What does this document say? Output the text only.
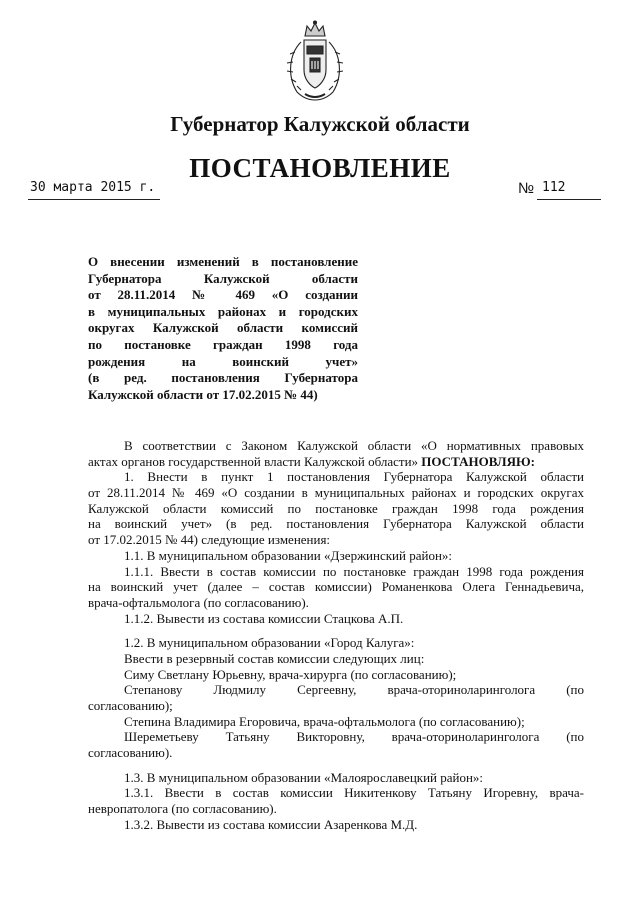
Губернатор Калужской области
ПОСТАНОВЛЕНИЕ
30 марта 2015 г.	№ 112
О внесении изменений в постановление
Губернатора Калужской области
от 28.11.2014 № 469 «О создании
в муниципальных районах и городских
округах Калужской области комиссий
по постановке граждан 1998 года
рождения на воинский учет»
(в ред. постановления Губернатора
Калужской области от 17.02.2015 № 44)
В соответствии с Законом Калужской области «О нормативных правовых
актах органов государственной власти Калужской области» ПОСТАНОВЛЯЮ:
1. Внести в пункт 1 постановления Губернатора Калужской области
от 28.11.2014 № 469 «О создании в муниципальных районах и городских округах
Калужской области комиссий по постановке граждан 1998 года рождения
на воинский учет» (в ред. постановления Губернатора Калужской области
от 17.02.2015 № 44) следующие изменения:
1.1. В муниципальном образовании «Дзержинский район»:
1.1.1. Ввести в состав комиссии по постановке граждан 1998 года рождения
на воинский учет (далее – состав комиссии) Романенкова Олега Геннадьевича,
врача-офтальмолога (по согласованию).
1.1.2. Вывести из состава комиссии Стацкова А.П.
1.2. В муниципальном образовании «Город Калуга»:
Ввести в резервный состав комиссии следующих лиц:
Симу Светлану Юрьевну, врача-хирурга (по согласованию);
Степанову Людмилу Сергеевну, врача-оториноларинголога (по
согласованию);
Степина Владимира Егоровича, врача-офтальмолога (по согласованию);
Шереметьеву Татьяну Викторовну, врача-оториноларинголога (по
согласованию).
1.3. В муниципальном образовании «Малоярославецкий район»:
1.3.1. Ввести в состав комиссии Никитенкову Татьяну Игоревну, врача-
невропатолога (по согласованию).
1.3.2. Вывести из состава комиссии Азаренкова М.Д.
